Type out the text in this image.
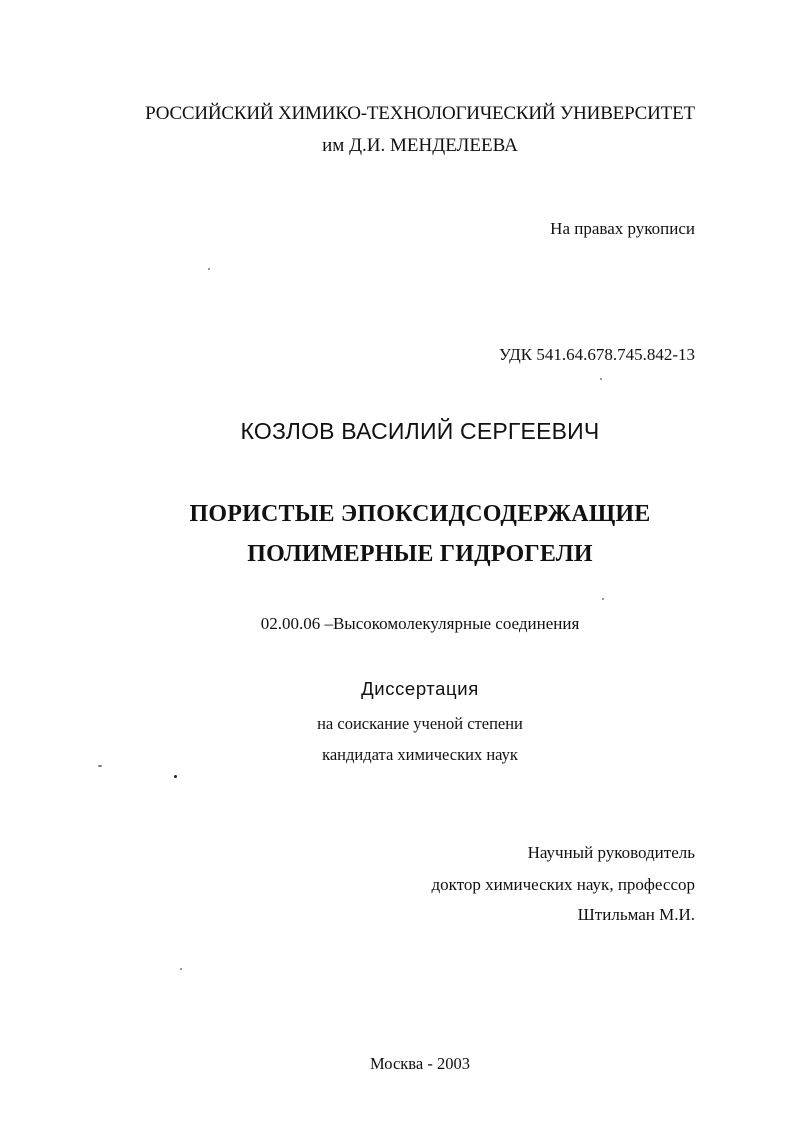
РОССИЙСКИЙ ХИМИКО-ТЕХНОЛОГИЧЕСКИЙ УНИВЕРСИТЕТ
им Д.И. МЕНДЕЛЕЕВА
На правах рукописи
УДК 541.64.678.745.842-13
КОЗЛОВ ВАСИЛИЙ СЕРГЕЕВИЧ
ПОРИСТЫЕ ЭПОКСИДСОДЕРЖАЩИЕ
ПОЛИМЕРНЫЕ ГИДРОГЕЛИ
02.00.06 –Высокомолекулярные соединения
Диссертация
на соискание ученой степени
кандидата химических наук
Научный руководитель
доктор химических наук, профессор
Штильман М.И.
Москва - 2003
